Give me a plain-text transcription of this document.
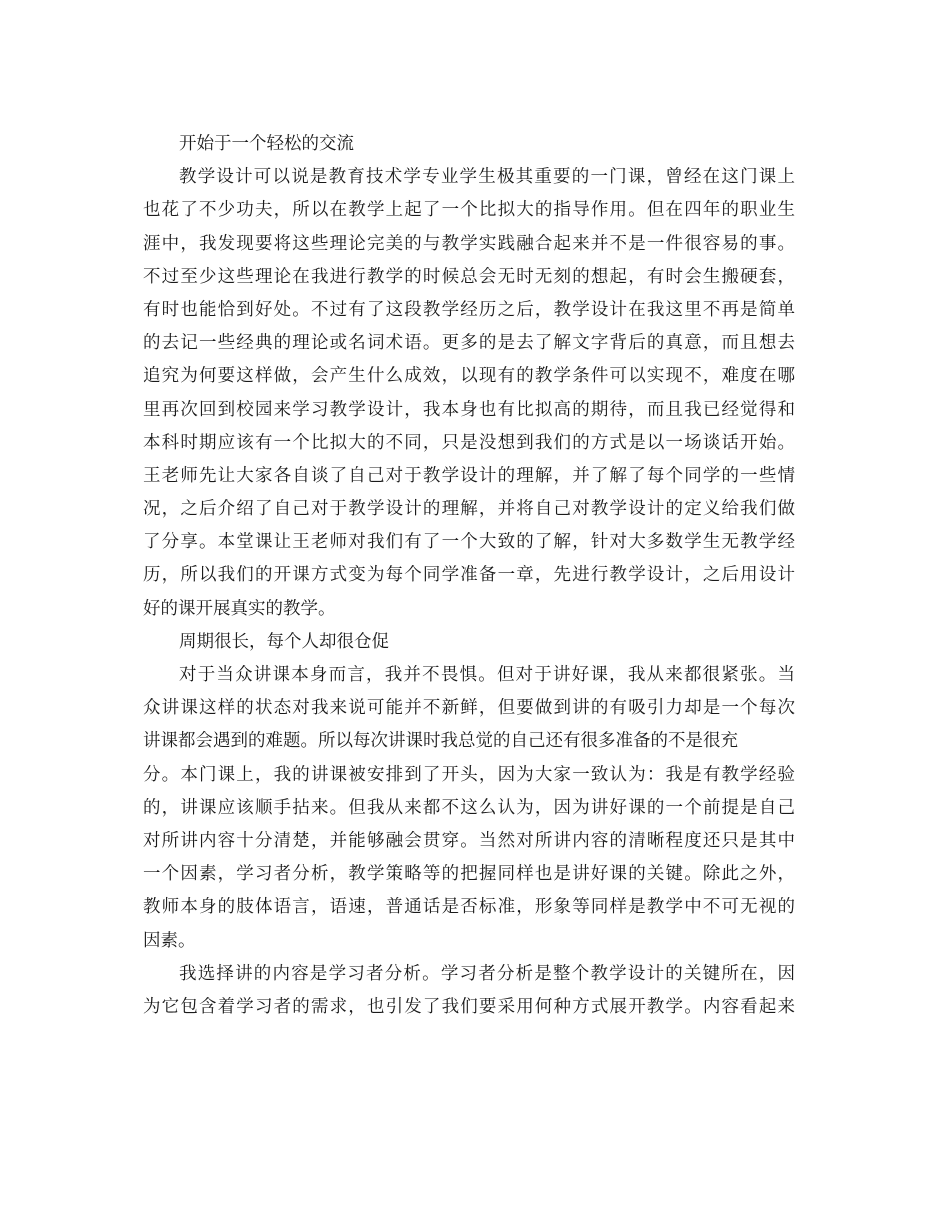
开始于一个轻松的交流
教学设计可以说是教育技术学专业学生极其重要的一门课，曾经在这门课上
也花了不少功夫，所以在教学上起了一个比拟大的指导作用。但在四年的职业生
涯中，我发现要将这些理论完美的与教学实践融合起来并不是一件很容易的事。
不过至少这些理论在我进行教学的时候总会无时无刻的想起，有时会生搬硬套，
有时也能恰到好处。不过有了这段教学经历之后，教学设计在我这里不再是简单
的去记一些经典的理论或名词术语。更多的是去了解文字背后的真意，而且想去
追究为何要这样做，会产生什么成效，以现有的教学条件可以实现不，难度在哪
里再次回到校园来学习教学设计，我本身也有比拟高的期待，而且我已经觉得和
本科时期应该有一个比拟大的不同，只是没想到我们的方式是以一场谈话开始。
王老师先让大家各自谈了自己对于教学设计的理解，并了解了每个同学的一些情
况，之后介绍了自己对于教学设计的理解，并将自己对教学设计的定义给我们做
了分享。本堂课让王老师对我们有了一个大致的了解，针对大多数学生无教学经
历，所以我们的开课方式变为每个同学准备一章，先进行教学设计，之后用设计
好的课开展真实的教学。
周期很长，每个人却很仓促
对于当众讲课本身而言，我并不畏惧。但对于讲好课，我从来都很紧张。当
众讲课这样的状态对我来说可能并不新鲜，但要做到讲的有吸引力却是一个每次
讲课都会遇到的难题。所以每次讲课时我总觉的自己还有很多准备的不是很充
分。本门课上，我的讲课被安排到了开头，因为大家一致认为：我是有教学经验
的，讲课应该顺手拈来。但我从来都不这么认为，因为讲好课的一个前提是自己
对所讲内容十分清楚，并能够融会贯穿。当然对所讲内容的清晰程度还只是其中
一个因素，学习者分析，教学策略等的把握同样也是讲好课的关键。除此之外，
教师本身的肢体语言，语速，普通话是否标准，形象等同样是教学中不可无视的
因素。
我选择讲的内容是学习者分析。学习者分析是整个教学设计的关键所在，因
为它包含着学习者的需求，也引发了我们要采用何种方式展开教学。内容看起来
